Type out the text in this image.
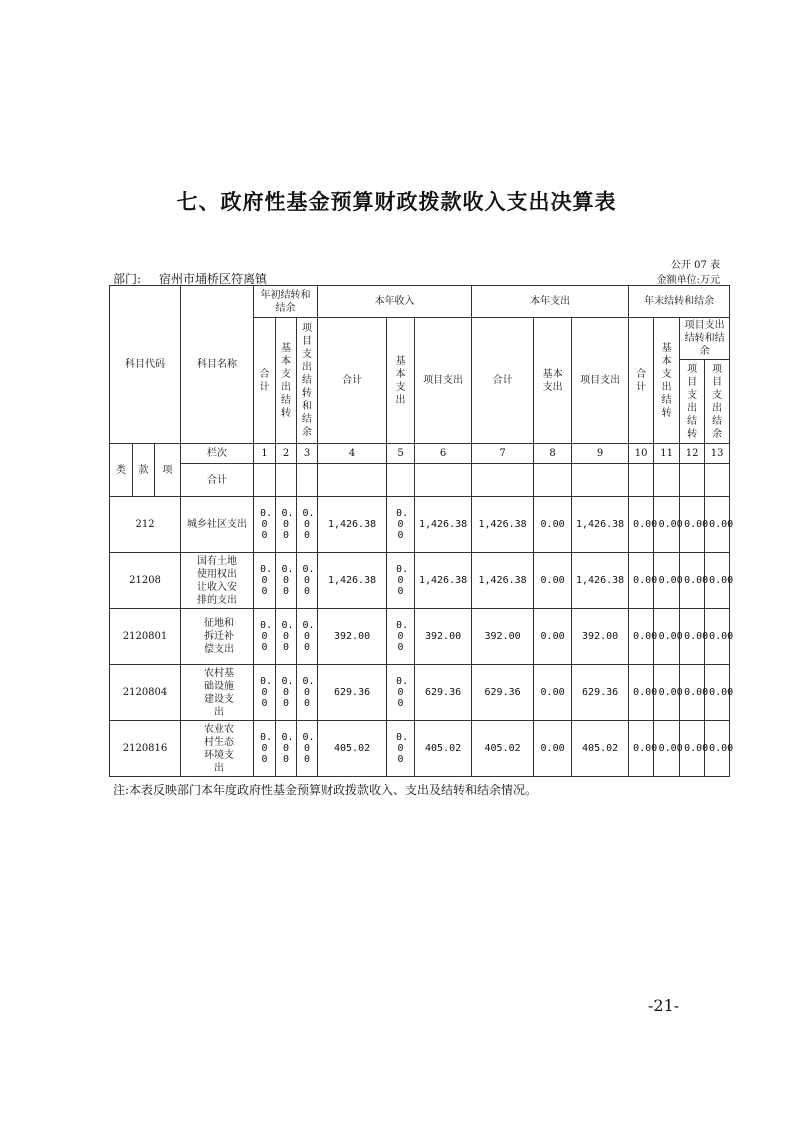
七、政府性基金预算财政拨款收入支出决算表
公开 07 表
金额单位:万元
部门: 宿州市埇桥区符离镇
科目代码			科目名称	年初结转和结余			本年收入			本年支出			年末结转和结余			
				合计	基本支出结转	项目支出结转和结余	合计	基本支出	项目支出	合计	基本支出	项目支出	合计	基本支出结转	项目支出结转和结余	
															项目支出结转	项目支出结余
类	款	项	栏次	1	2	3	4	5	6	7	8	9	10	11	12	13
			合计													
212			城乡社区支出	0.00	0.00	0.00	1,426.38	0.00	1,426.38	1,426.38	0.00	1,426.38	0.00	0.00	0.00	0.00
21208			国有土地使用权出让收入安排的支出	0.00	0.00	0.00	1,426.38	0.00	1,426.38	1,426.38	0.00	1,426.38	0.00	0.00	0.00	0.00
2120801			征地和拆迁补偿支出	0.00	0.00	0.00	392.00	0.00	392.00	392.00	0.00	392.00	0.00	0.00	0.00	0.00
2120804			农村基础设施建设支出	0.00	0.00	0.00	629.36	0.00	629.36	629.36	0.00	629.36	0.00	0.00	0.00	0.00
2120816			农业农村生态环境支出	0.00	0.00	0.00	405.02	0.00	405.02	405.02	0.00	405.02	0.00	0.00	0.00	0.00
注:本表反映部门本年度政府性基金预算财政拨款收入、支出及结转和结余情况。
-21-
